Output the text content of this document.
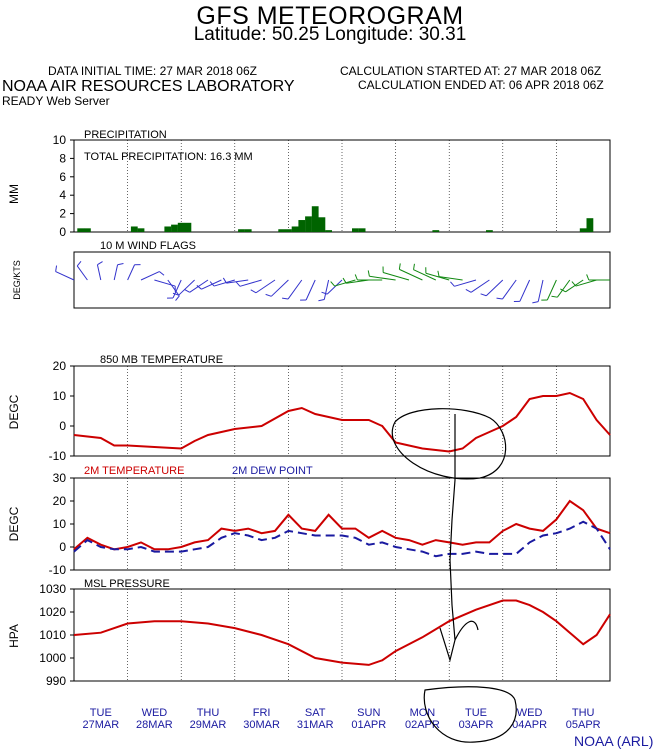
GFS METEOROGRAM
Latitude: 50.25 Longitude: 30.31
DATA INITIAL TIME: 27 MAR 2018 06Z	CALCULATION STARTED AT: 27 MAR 2018 06Z
CALCULATION ENDED AT: 06 APR 2018 06Z
NOAA AIR RESOURCES LABORATORY
READY Web Server
0
2
4
6
8
10 PRECIPITATION
TOTAL PRECIPITATION: 16.3 MM
MM
10 M WIND FLAGS
DEG/KTS
-10
0
10
20	850 MB TEMPERATURE
DEGC
-10
0
10
20
30 2M TEMPERATURE	2M DEW POINT
DEGC
990
1000
1010
1020
1030 MSL PRESSURE
HPA
TUE
27MAR
WED
28MAR
THU
29MAR
FRI
30MAR
SAT
31MAR
SUN
01APR
MON
02APR
TUE
03APR
WED
04APR
THU
05APR
NOAA (ARL)
